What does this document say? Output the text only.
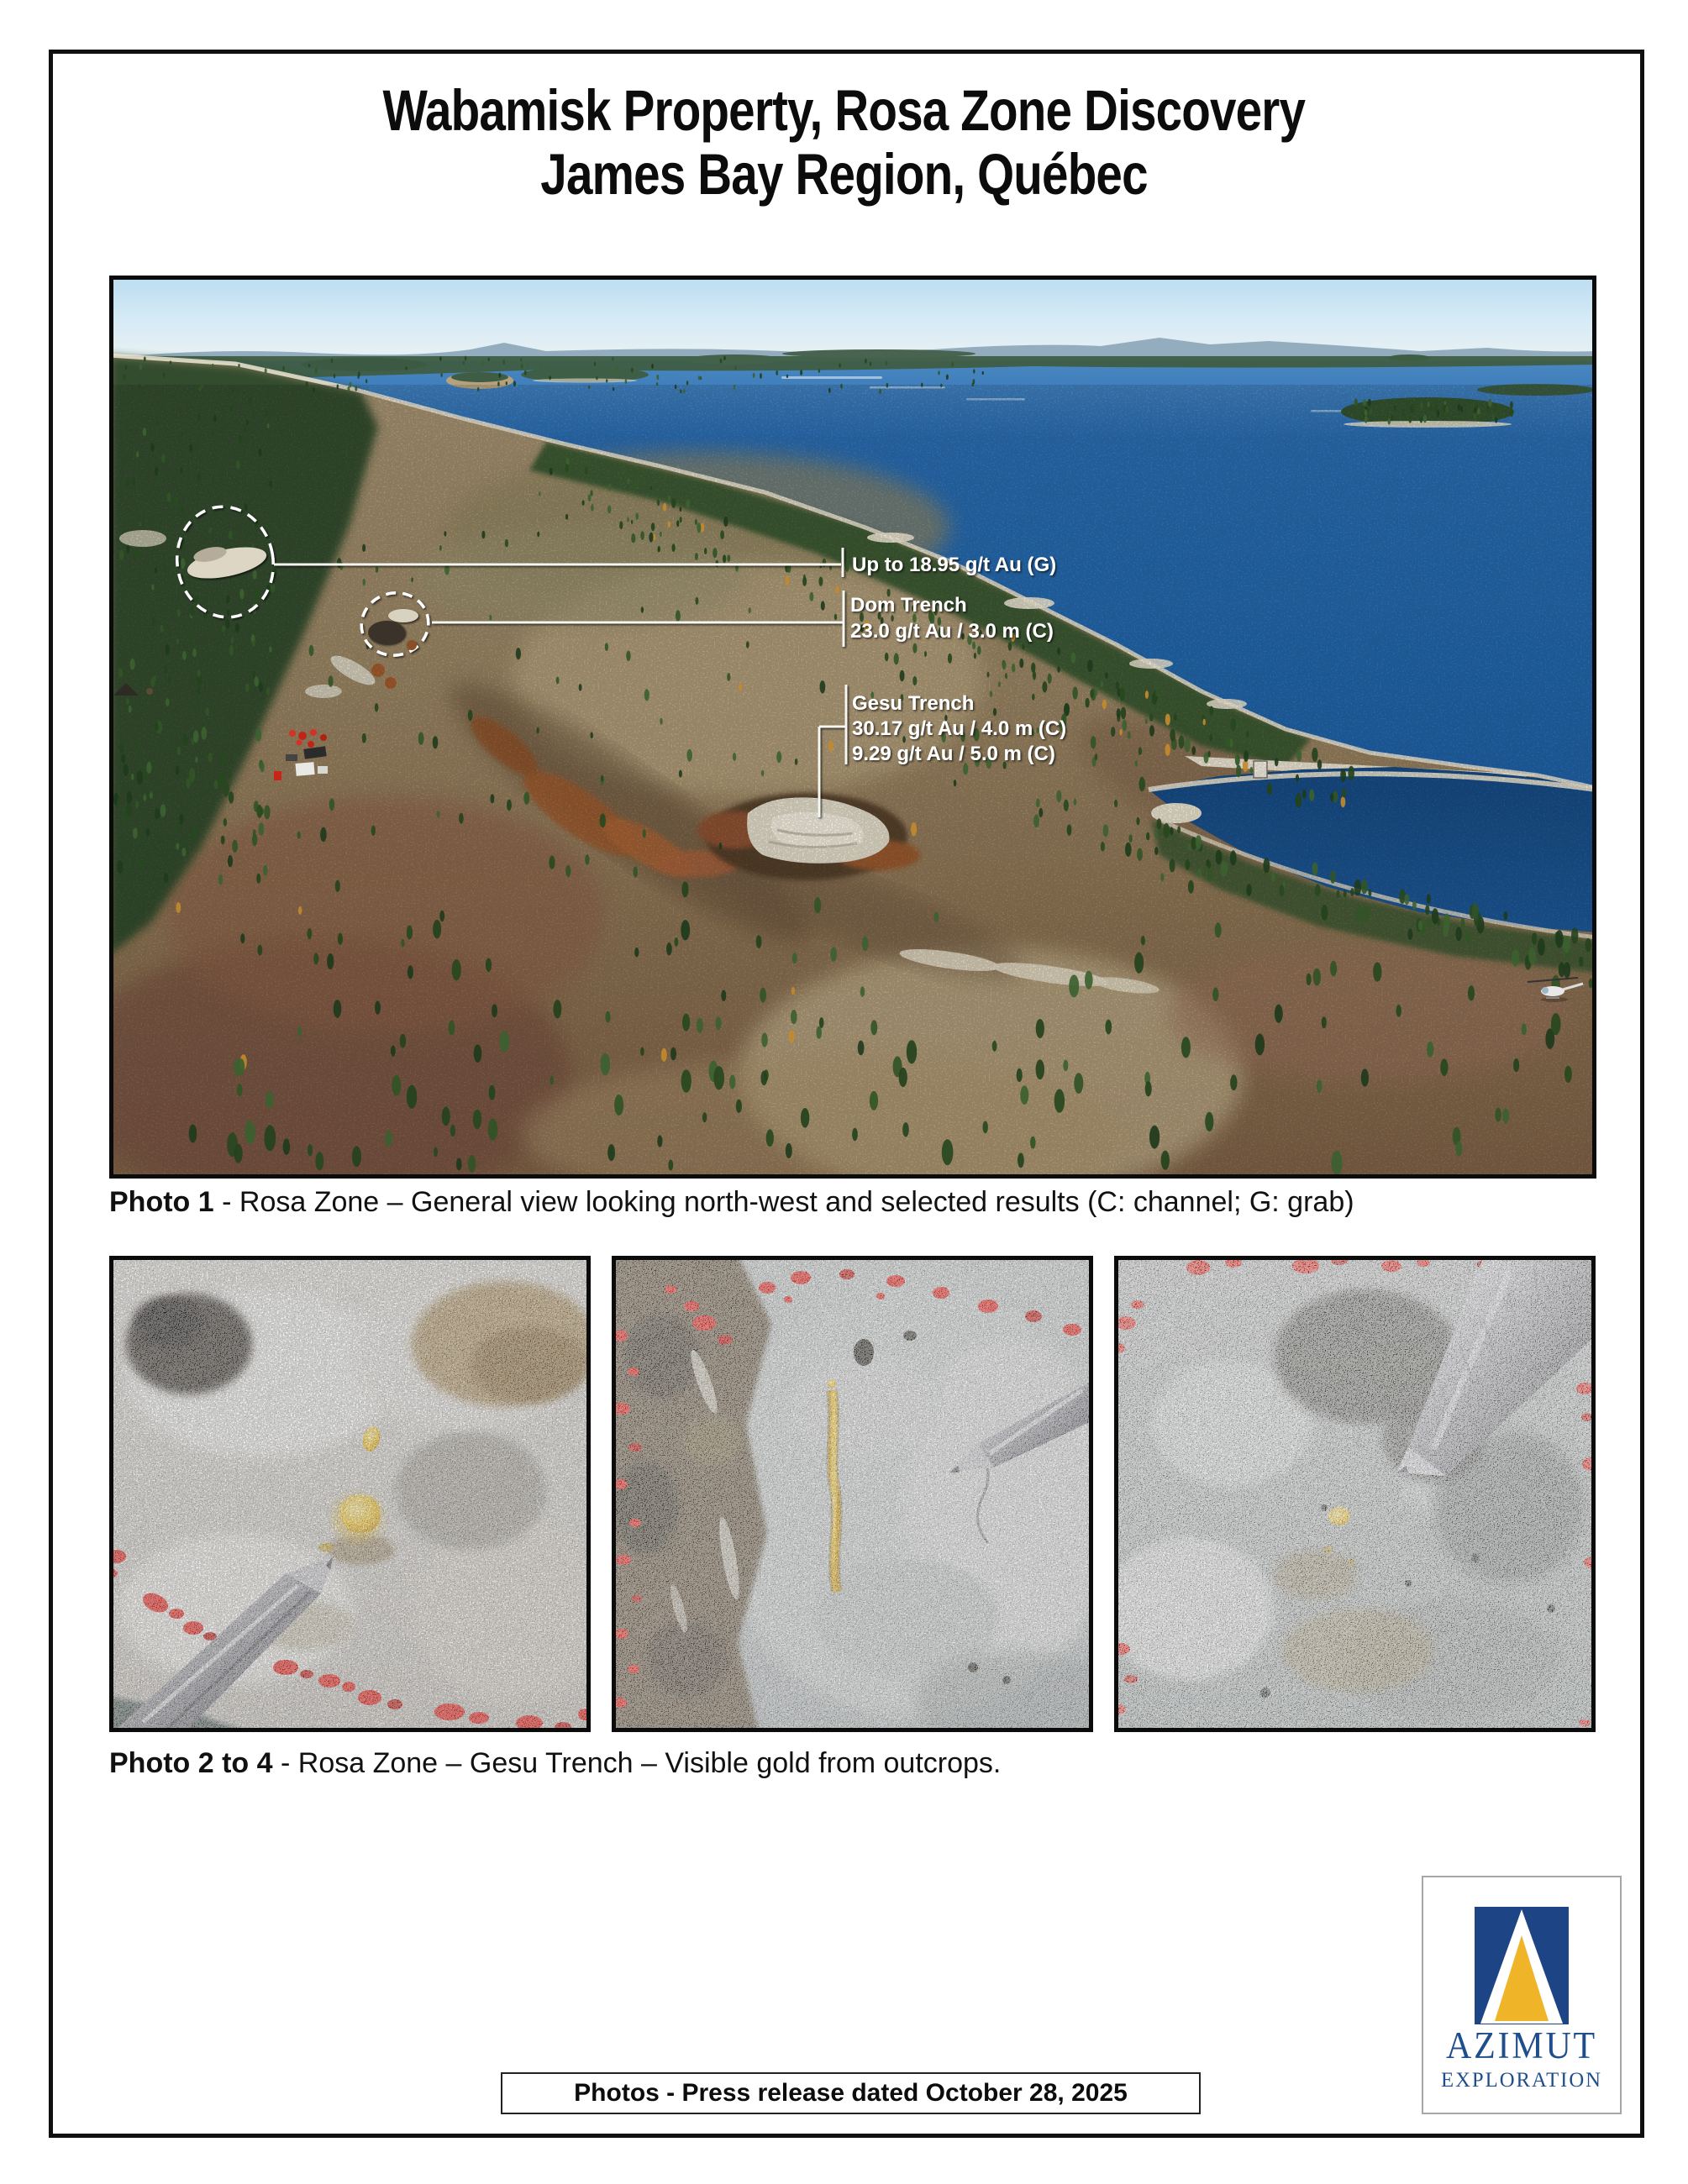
Wabamisk Property, Rosa Zone Discovery
James Bay Region, Québec
Up to 18.95 g/t Au (G)
Dom Trench
23.0 g/t Au / 3.0 m (C)
Gesu Trench
30.17 g/t Au / 4.0 m (C)
9.29 g/t Au / 5.0 m (C)
Photo 1 - Rosa Zone – General view looking north-west and selected results (C: channel; G: grab)
Photo 2 to 4 - Rosa Zone – Gesu Trench – Visible gold from outcrops.
AZIMUT
EXPLORATION
Photos - Press release dated October 28, 2025
